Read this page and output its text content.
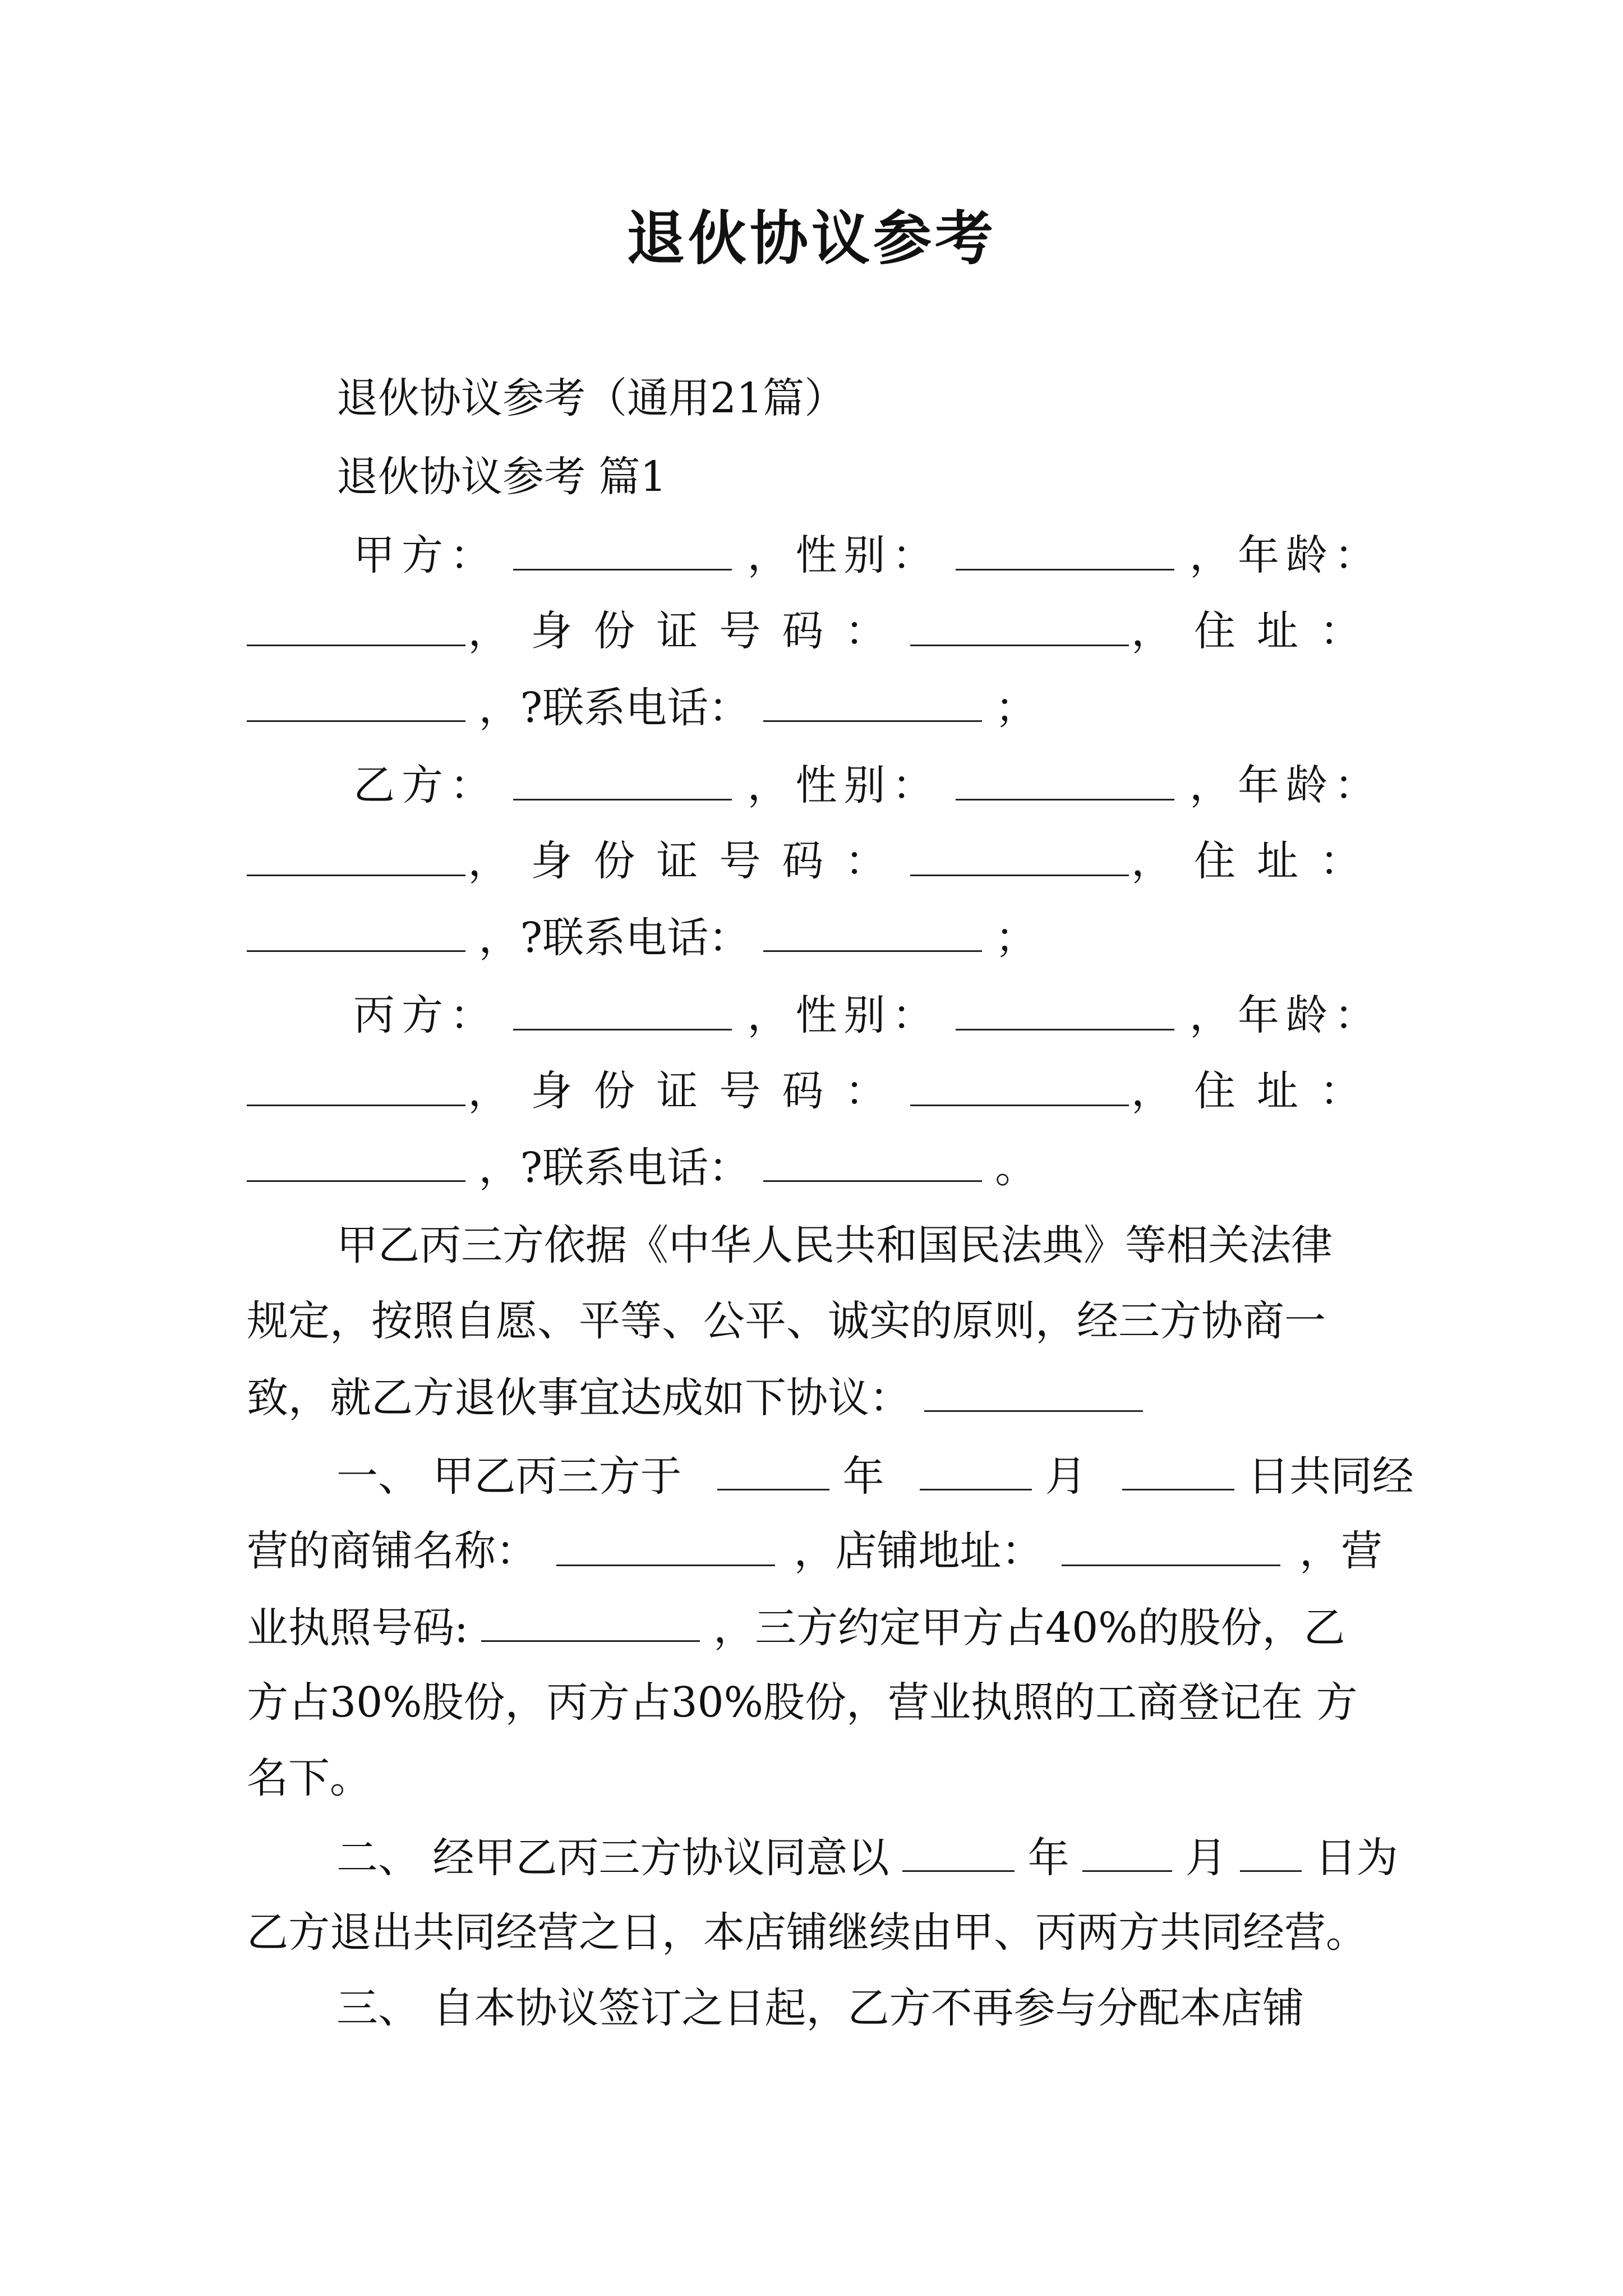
退伙协议参考
退伙协议参考（通用21篇）
退伙协议参考 篇1
甲方：	，性别：	，年龄：
，身份证号码：	，住址：
，?联系电话：	；
乙方：	，性别：	，年龄：
，身份证号码：	，住址：
，?联系电话：	；
丙方：	，性别：	，年龄：
，身份证号码：	，住址：
，?联系电话：	。
甲乙丙三方依据《中华人民共和国民法典》等相关法律
规定，按照自愿、平等、公平、诚实的原则，经三方协商一
致，就乙方退伙事宜达成如下协议：
一、 甲乙丙三方于	年	月	日共同经
营的商铺名称：	，店铺地址：	，营
业执照号码:	，三方约定甲方占40%的股份，乙
方占30%股份，丙方占30%股份，营业执照的工商登记在 方
名下。
二、 经甲乙丙三方协议同意以	年	月 日为
乙方退出共同经营之日，本店铺继续由甲、丙两方共同经营。
三、 自本协议签订之日起，乙方不再参与分配本店铺
